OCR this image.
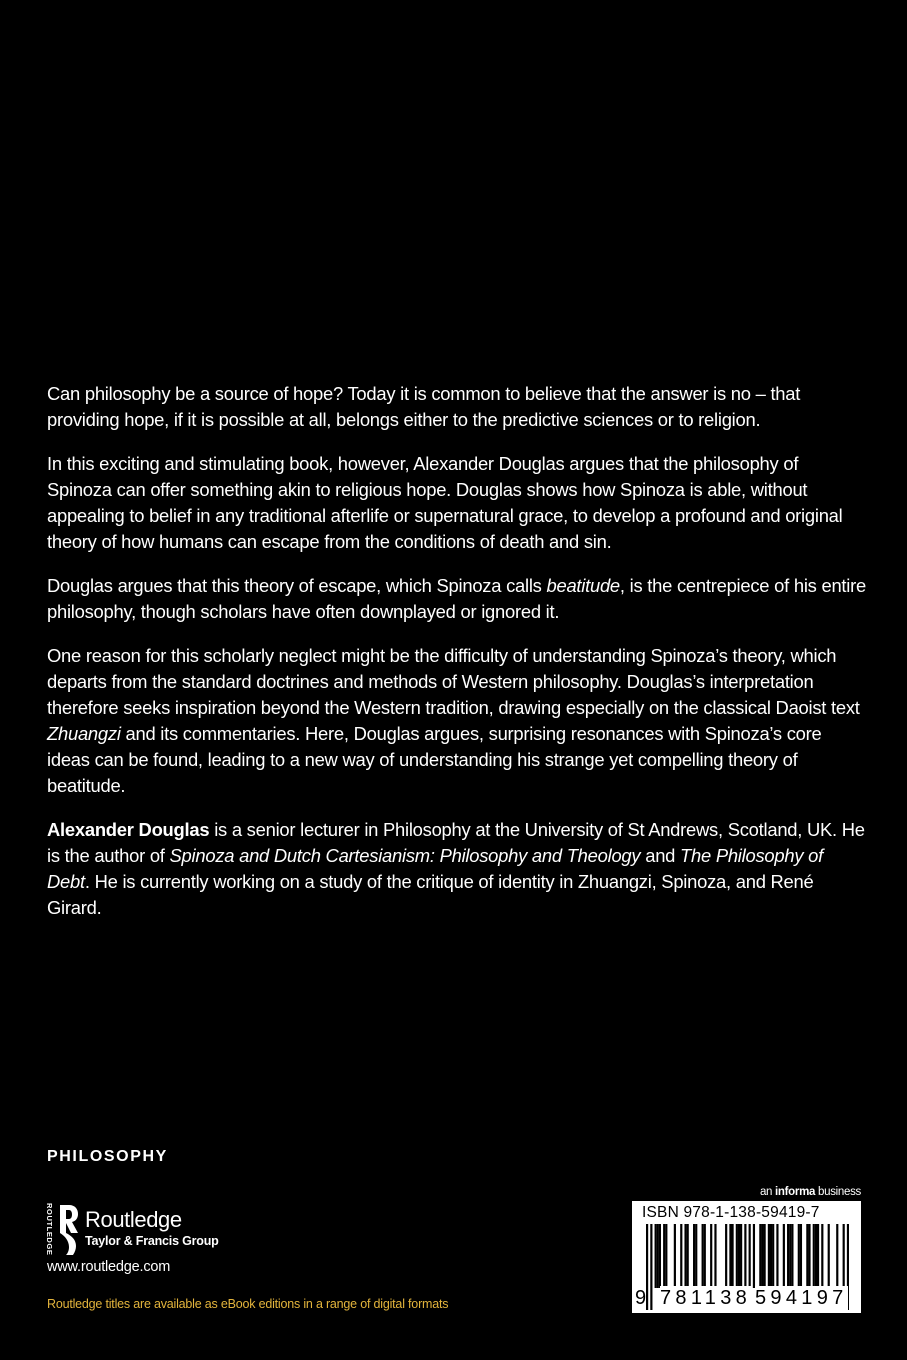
Can philosophy be a source of hope? Today it is common to believe that the answer is no – that providing hope, if it is possible at all, belongs either to the predictive sciences or to religion.

In this exciting and stimulating book, however, Alexander Douglas argues that the philosophy of Spinoza can offer something akin to religious hope. Douglas shows how Spinoza is able, without appealing to belief in any traditional afterlife or supernatural grace, to develop a profound and original theory of how humans can escape from the conditions of death and sin.

Douglas argues that this theory of escape, which Spinoza calls beatitude, is the centrepiece of his entire philosophy, though scholars have often downplayed or ignored it.

One reason for this scholarly neglect might be the difficulty of understanding Spinoza’s theory, which departs from the standard doctrines and methods of Western philosophy. Douglas’s interpretation therefore seeks inspiration beyond the Western tradition, drawing especially on the classical Daoist text Zhuangzi and its commentaries. Here, Douglas argues, surprising resonances with Spinoza’s core ideas can be found, leading to a new way of understanding his strange yet compelling theory of beatitude.

Alexander Douglas is a senior lecturer in Philosophy at the University of St Andrews, Scotland, UK. He is the author of Spinoza and Dutch Cartesianism: Philosophy and Theology and The Philosophy of Debt. He is currently working on a study of the critique of identity in Zhuangzi, Spinoza, and René Girard.

PHILOSOPHY
ROUTLEDGE Routledge
Taylor & Francis Group
www.routledge.com
Routledge titles are available as eBook editions in a range of digital formats
an informa business
ISBN 978-1-138-59419-7
9 781138 594197
